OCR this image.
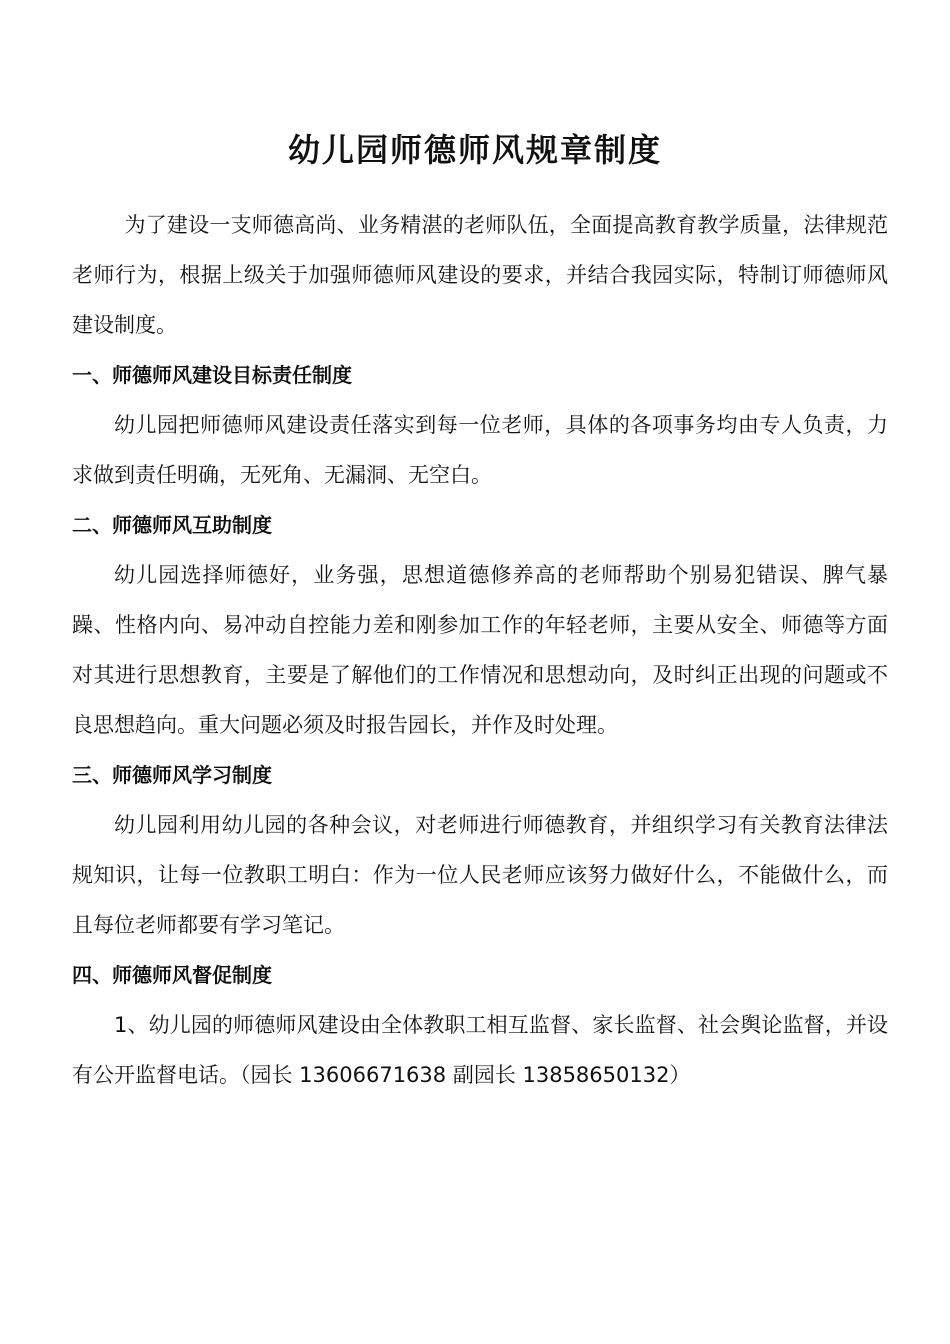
幼儿园师德师风规章制度

为了建设一支师德高尚、业务精湛的老师队伍，全面提高教育教学质量，法律规范老师行为，根据上级关于加强师德师风建设的要求，并结合我园实际，特制订师德师风建设制度。

一、师德师风建设目标责任制度

幼儿园把师德师风建设责任落实到每一位老师，具体的各项事务均由专人负责，力求做到责任明确，无死角、无漏洞、无空白。

二、师德师风互助制度

幼儿园选择师德好，业务强，思想道德修养高的老师帮助个别易犯错误、脾气暴躁、性格内向、易冲动自控能力差和刚参加工作的年轻老师，主要从安全、师德等方面对其进行思想教育，主要是了解他们的工作情况和思想动向，及时纠正出现的问题或不良思想趋向。重大问题必须及时报告园长，并作及时处理。

三、师德师风学习制度

幼儿园利用幼儿园的各种会议，对老师进行师德教育，并组织学习有关教育法律法规知识，让每一位教职工明白：作为一位人民老师应该努力做好什么，不能做什么，而且每位老师都要有学习笔记。

四、师德师风督促制度

1、幼儿园的师德师风建设由全体教职工相互监督、家长监督、社会舆论监督，并设有公开监督电话。（园长 13606671638 副园长 13858650132）
